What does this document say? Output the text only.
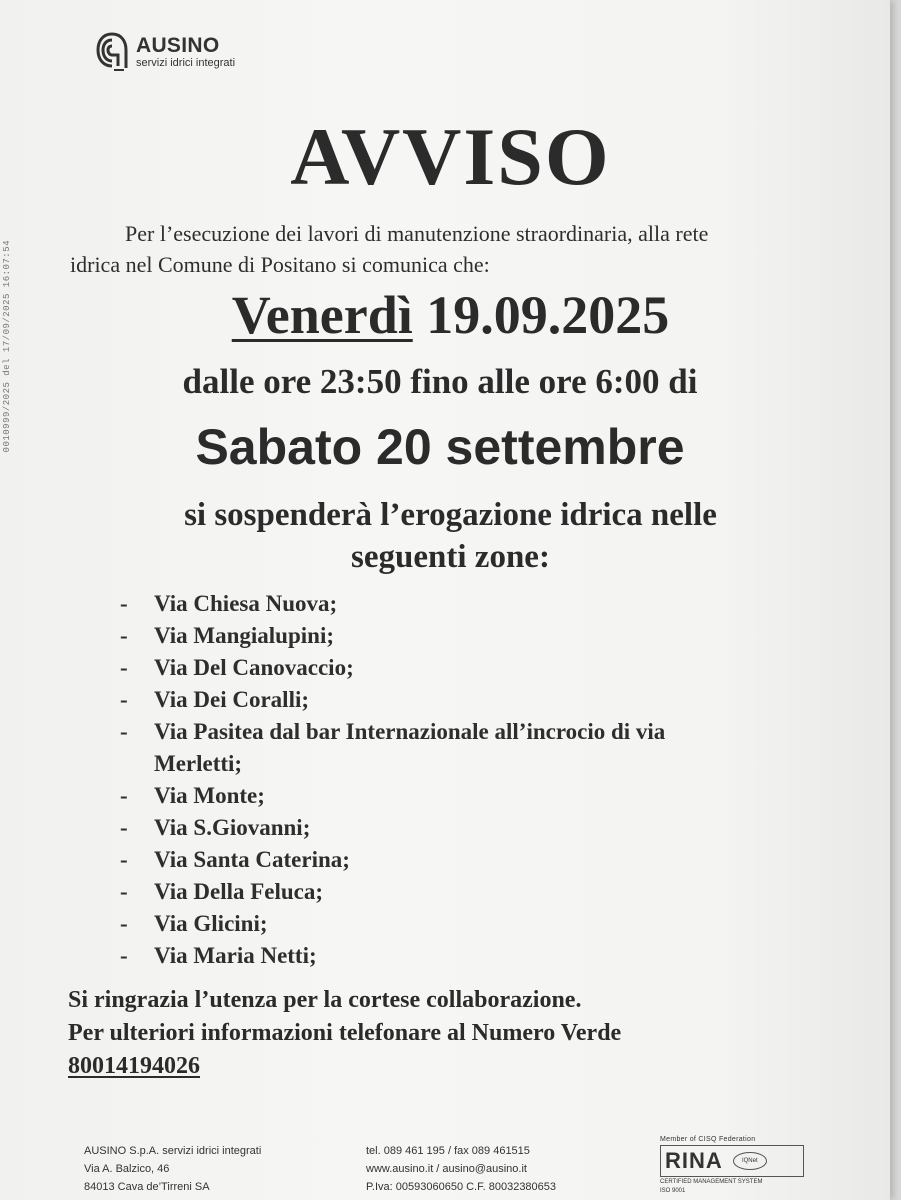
0010999/2025 del 17/09/2025 16:07:54
AUSINO
servizi idrici integrati
AVVISO
Per l’esecuzione dei lavori di manutenzione straordinaria, alla rete
idrica nel Comune di Positano si comunica che:
Venerdì 19.09.2025
dalle ore 23:50 fino alle ore 6:00 di
Sabato 20 settembre
si sospenderà l’erogazione idrica nelle
seguenti zone:
-	Via Chiesa Nuova;
-	Via Mangialupini;
-	Via Del Canovaccio;
-	Via Dei Coralli;
-	Via Pasitea dal bar Internazionale all’incrocio di via
Merletti;
-	Via Monte;
-	Via S.Giovanni;
-	Via Santa Caterina;
-	Via Della Feluca;
-	Via Glicini;
-	Via Maria Netti;
Si ringrazia l’utenza per la cortese collaborazione.
Per ulteriori informazioni telefonare al Numero Verde
80014194026
AUSINO S.p.A. servizi idrici integrati
Via A. Balzico, 46
84013 Cava de’Tirreni SA
tel. 089 461 195 / fax 089 461515
www.ausino.it / ausino@ausino.it
P.Iva: 00593060650 C.F. 80032380653
Member of CISQ Federation
RINA	IQNet
CERTIFIED MANAGEMENT SYSTEM
ISO 9001
